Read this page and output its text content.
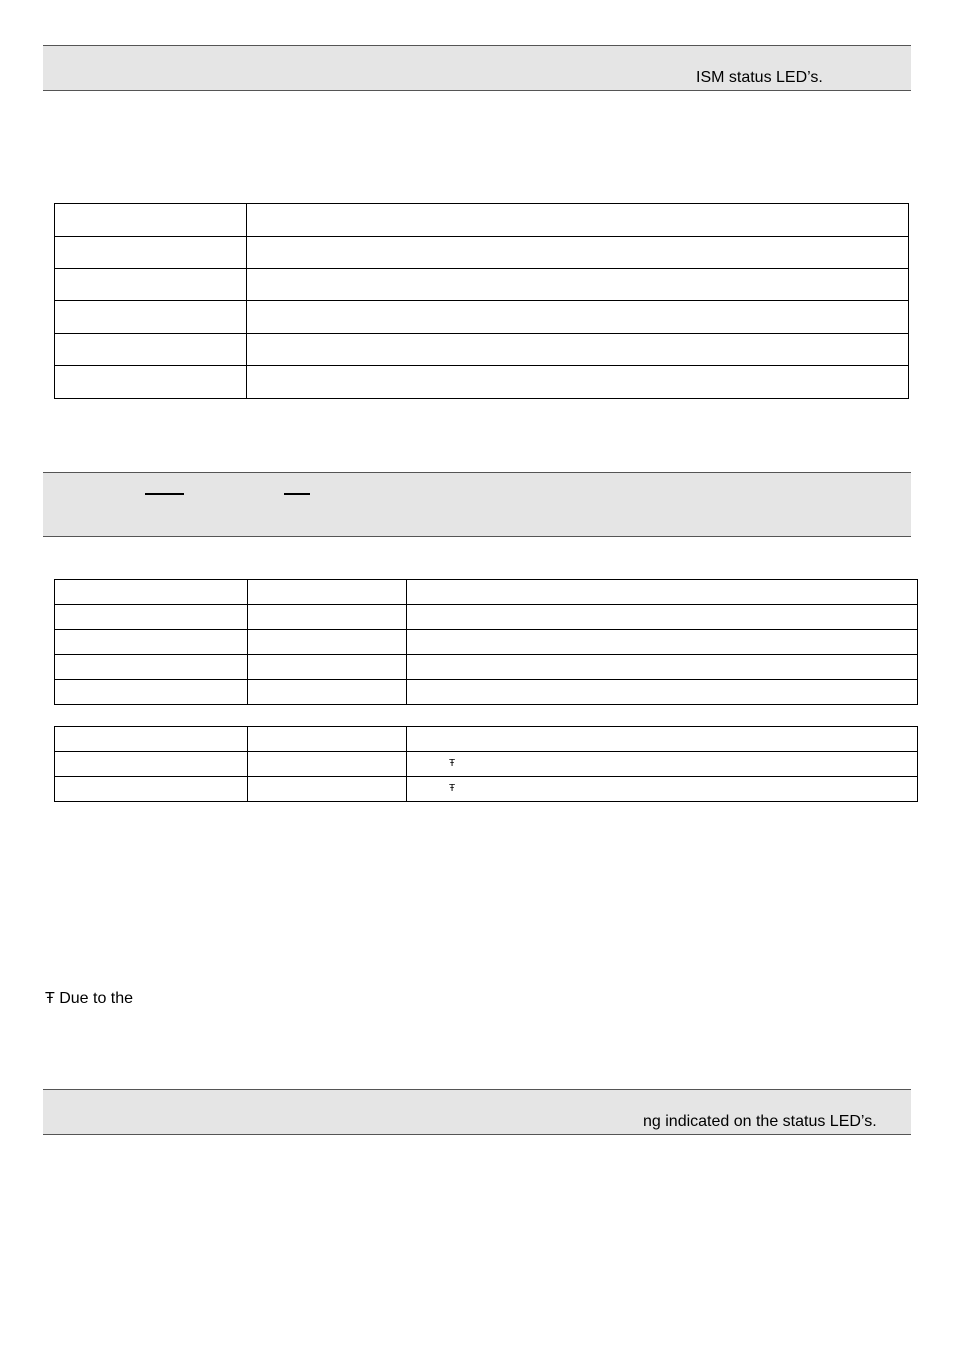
ISM status LED’s.

		Ŧ
		Ŧ
Ŧ Due to the
ng indicated on the status LED’s.
